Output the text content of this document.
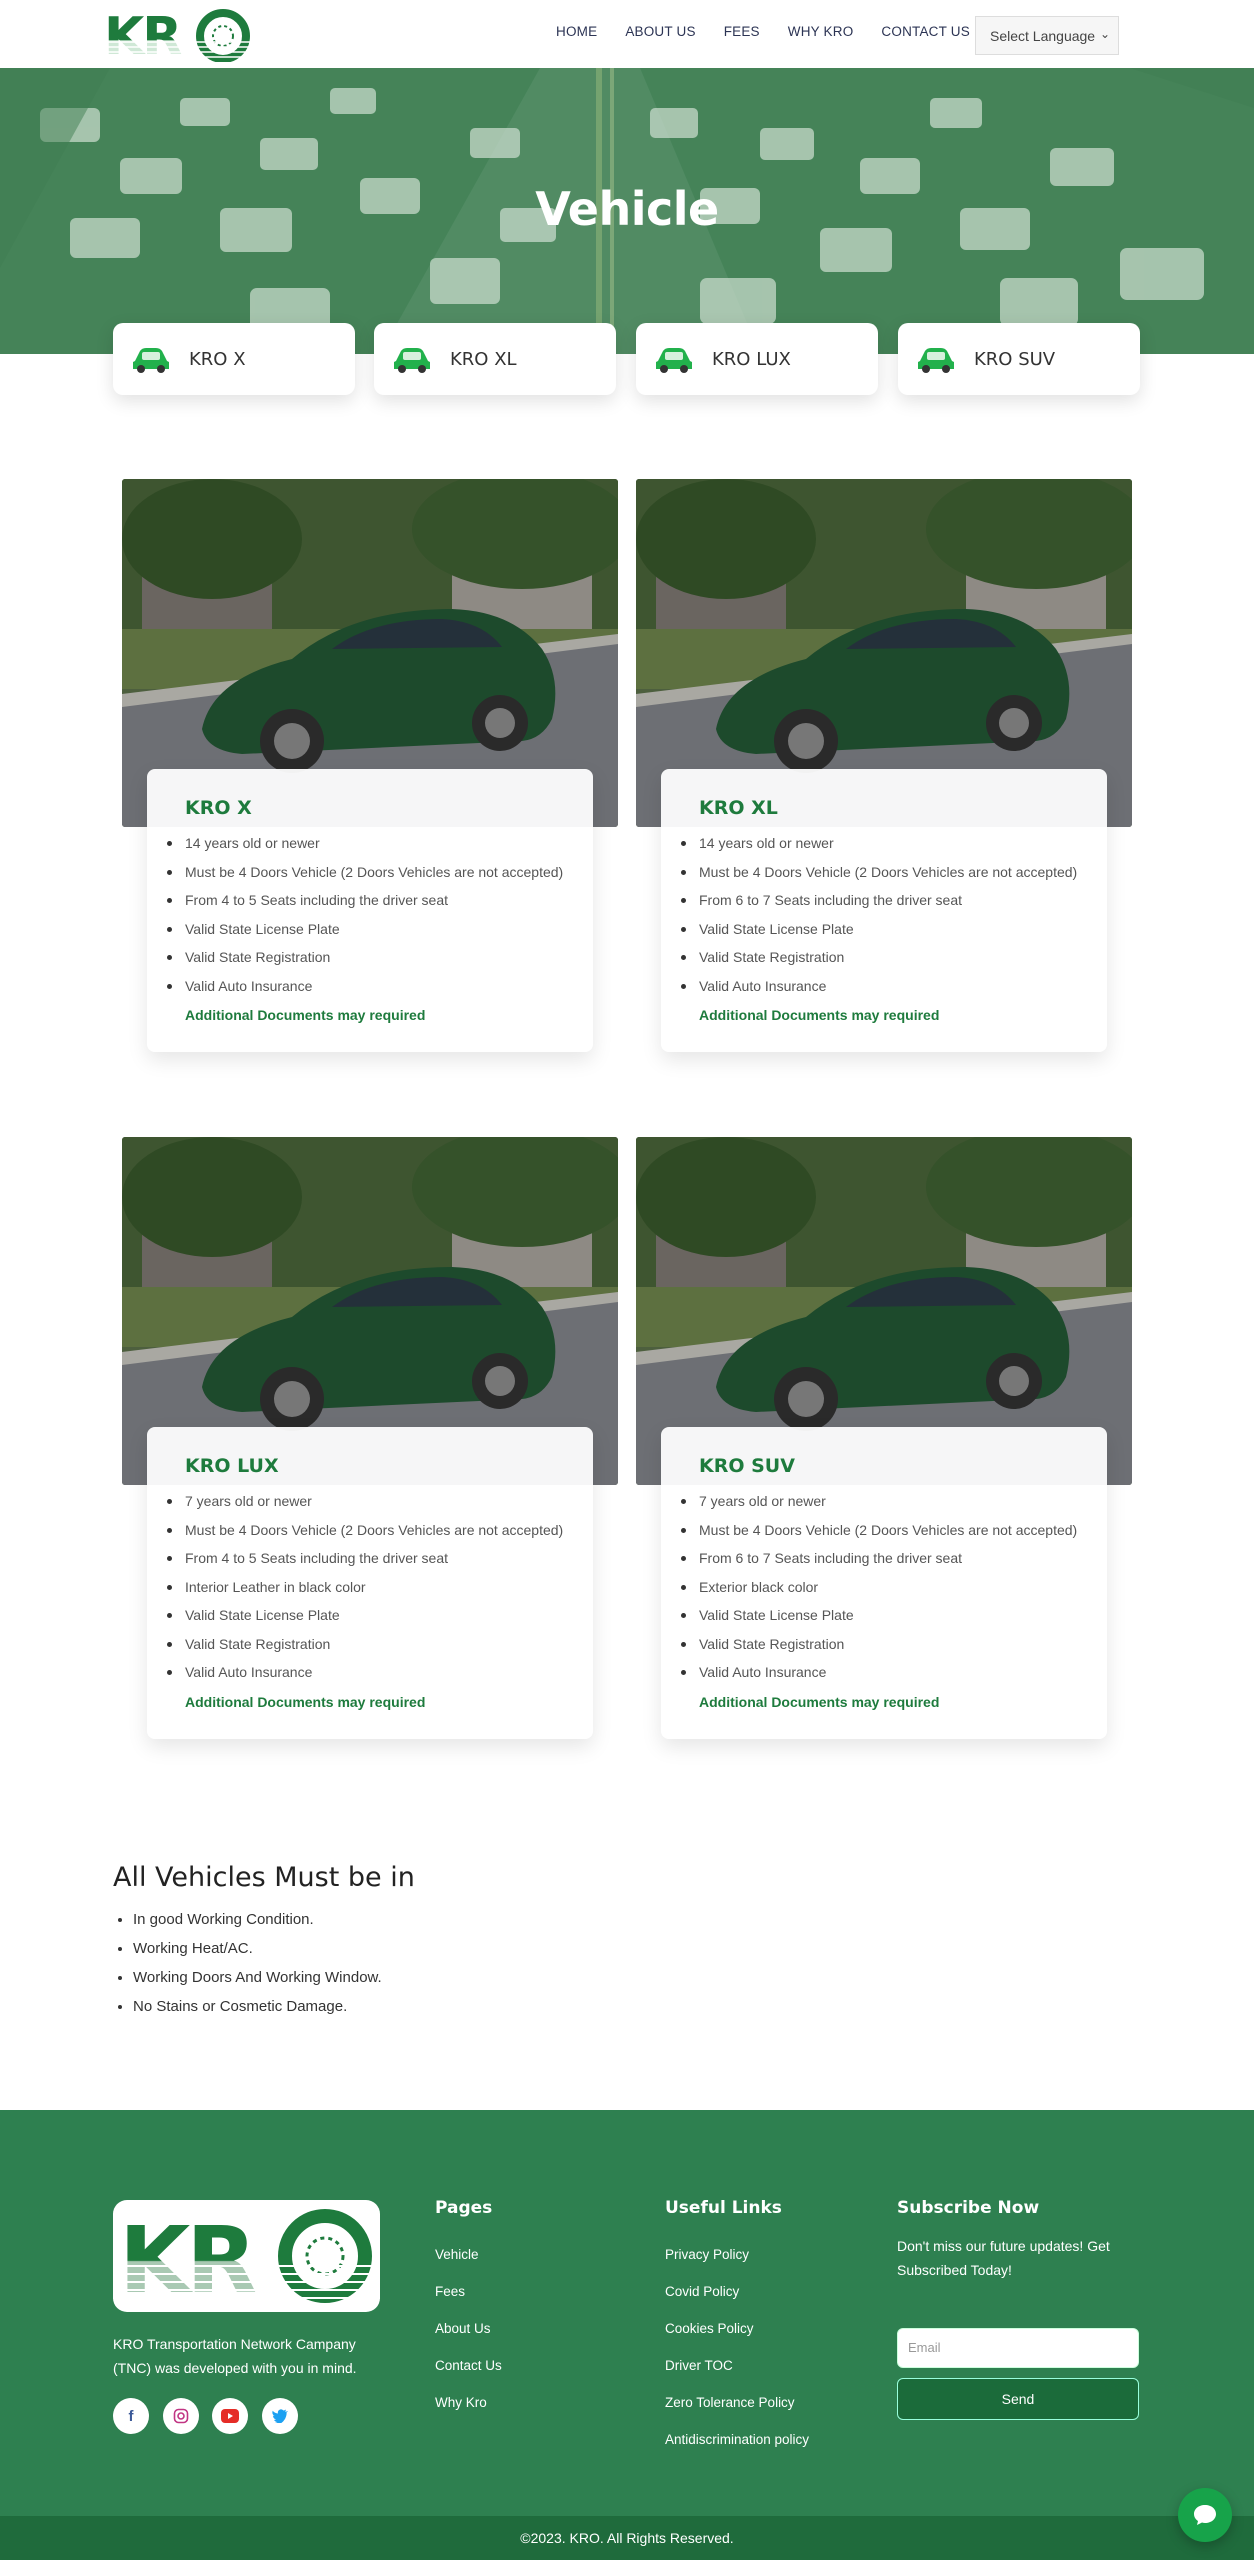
KR	HOME ABOUT US FEES WHY KRO CONTACT US Select Language ⌄
Vehicle
KRO X	KRO XL	KRO LUX	KRO SUV
KRO X
14 years old or newer
Must be 4 Doors Vehicle (2 Doors Vehicles are not accepted)
From 4 to 5 Seats including the driver seat
Valid State License Plate
Valid State Registration
Valid Auto Insurance
Additional Documents may required
KRO XL
14 years old or newer
Must be 4 Doors Vehicle (2 Doors Vehicles are not accepted)
From 6 to 7 Seats including the driver seat
Valid State License Plate
Valid State Registration
Valid Auto Insurance
Additional Documents may required
KRO LUX
7 years old or newer
Must be 4 Doors Vehicle (2 Doors Vehicles are not accepted)
From 4 to 5 Seats including the driver seat
Interior Leather in black color
Valid State License Plate
Valid State Registration
Valid Auto Insurance
Additional Documents may required
KRO SUV
7 years old or newer
Must be 4 Doors Vehicle (2 Doors Vehicles are not accepted)
From 6 to 7 Seats including the driver seat
Exterior black color
Valid State License Plate
Valid State Registration
Valid Auto Insurance
Additional Documents may required
All Vehicles Must be in
• In good Working Condition.
• Working Heat/AC.
• Working Doors And Working Window.
• No Stains or Cosmetic Damage.
KR
KRO Transportation Network Campany (TNC) was developed with you in mind.
f
Pages
Vehicle
Fees
About Us
Contact Us
Why Kro
Useful Links
Privacy Policy
Covid Policy
Cookies Policy
Driver TOC
Zero Tolerance Policy
Antidiscrimination policy
Subscribe Now
Don't miss our future updates! Get Subscribed Today!
Email
Send
©2023. KRO. All Rights Reserved.
